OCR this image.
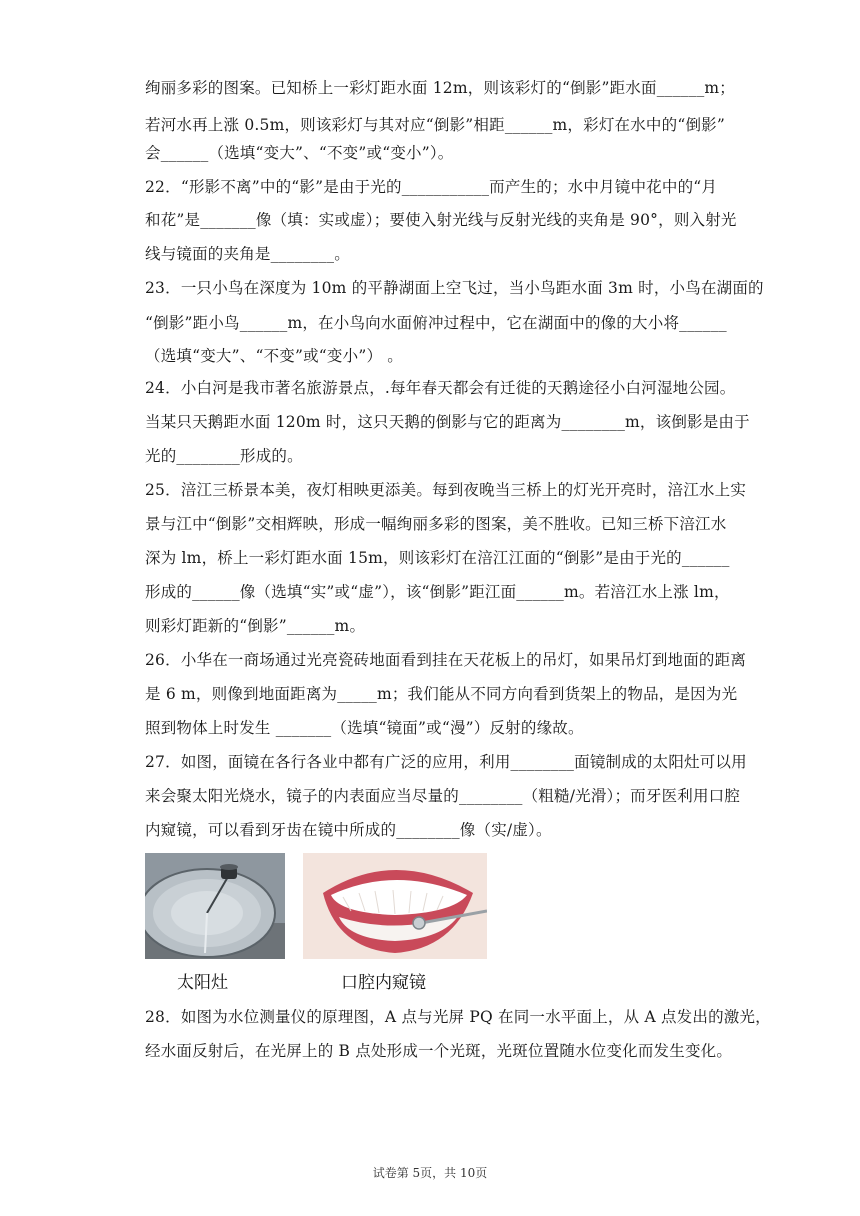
绚丽多彩的图案。已知桥上一彩灯距水面 12m，则该彩灯的“倒影”距水面______m；
若河水再上涨 0.5m，则该彩灯与其对应“倒影”相距______m，彩灯在水中的“倒影”
会______（选填“变大”、“不变”或“变小”）。
22．“形影不离”中的“影”是由于光的___________而产生的；水中月镜中花中的“月
和花”是_______像（填：实或虚）；要使入射光线与反射光线的夹角是 90°，则入射光
线与镜面的夹角是________。
23．一只小鸟在深度为 10m 的平静湖面上空飞过，当小鸟距水面 3m 时，小鸟在湖面的
“倒影”距小鸟______m，在小鸟向水面俯冲过程中，它在湖面中的像的大小将______
（选填“变大”、“不变”或“变小”） 。
24．小白河是我市著名旅游景点，.每年春天都会有迁徙的天鹅途径小白河湿地公园。
当某只天鹅距水面 120m 时，这只天鹅的倒影与它的距离为________m，该倒影是由于
光的________形成的。
25．涪江三桥景本美，夜灯相映更添美。每到夜晚当三桥上的灯光开亮时，涪江水上实
景与江中“倒影”交相辉映，形成一幅绚丽多彩的图案，美不胜收。已知三桥下涪江水
深为 lm，桥上一彩灯距水面 15m，则该彩灯在涪江江面的“倒影”是由于光的______
形成的______像（选填“实”或“虚”），该“倒影”距江面______m。若涪江水上涨 lm，
则彩灯距新的“倒影”______m。
26．小华在一商场通过光亮瓷砖地面看到挂在天花板上的吊灯，如果吊灯到地面的距离
是 6 m，则像到地面距离为_____m；我们能从不同方向看到货架上的物品，是因为光
照到物体上时发生 _______（选填“镜面”或“漫”）反射的缘故。
27．如图，面镜在各行各业中都有广泛的应用，利用________面镜制成的太阳灶可以用
来会聚太阳光烧水，镜子的内表面应当尽量的________（粗糙/光滑）；而牙医利用口腔
内窥镜，可以看到牙齿在镜中所成的________像（实/虚）。
太阳灶	口腔内窥镜
28．如图为水位测量仪的原理图，A 点与光屏 PQ 在同一水平面上，从 A 点发出的激光，
经水面反射后，在光屏上的 B 点处形成一个光斑，光斑位置随水位变化而发生变化。
试卷第 5页，共 10页
